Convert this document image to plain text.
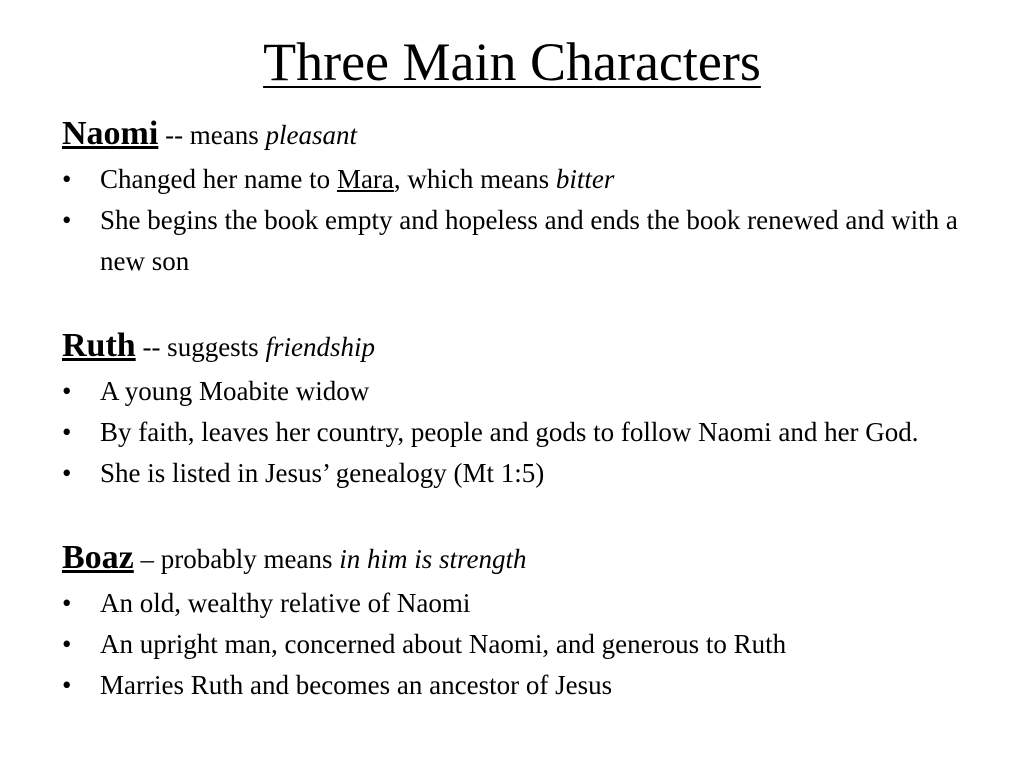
Three Main Characters

Naomi -- means pleasant

• Changed her name to Mara, which means bitter
• She begins the book empty and hopeless and ends the book renewed and with a new son

Ruth -- suggests friendship

• A young Moabite widow
• By faith, leaves her country, people and gods to follow Naomi and her God.
• She is listed in Jesus’ genealogy (Mt 1:5)

Boaz – probably means in him is strength

• An old, wealthy relative of Naomi
• An upright man, concerned about Naomi, and generous to Ruth
• Marries Ruth and becomes an ancestor of Jesus
